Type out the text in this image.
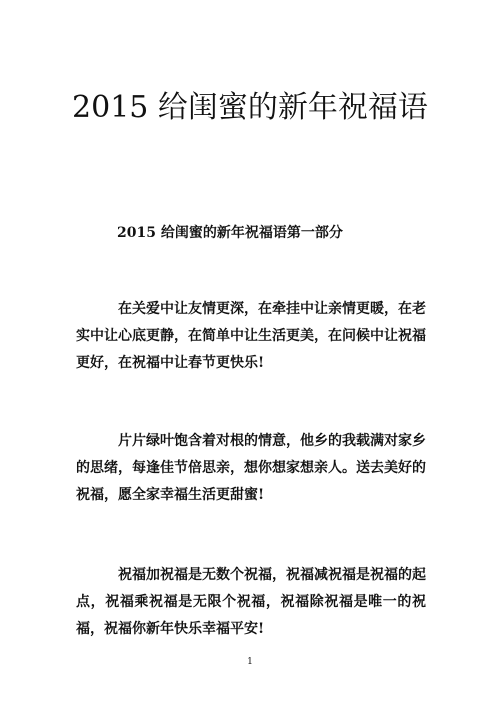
2015 给闺蜜的新年祝福语

2015 给闺蜜的新年祝福语第一部分

在关爱中让友情更深，在牵挂中让亲情更暖，在老实中让心底更静，在简单中让生活更美，在问候中让祝福更好，在祝福中让春节更快乐!

片片绿叶饱含着对根的情意，他乡的我载满对家乡的思绪，每逢佳节倍思亲，想你想家想亲人。送去美好的祝福，愿全家幸福生活更甜蜜!

祝福加祝福是无数个祝福，祝福减祝福是祝福的起点，祝福乘祝福是无限个祝福，祝福除祝福是唯一的祝福，祝福你新年快乐幸福平安!

1
